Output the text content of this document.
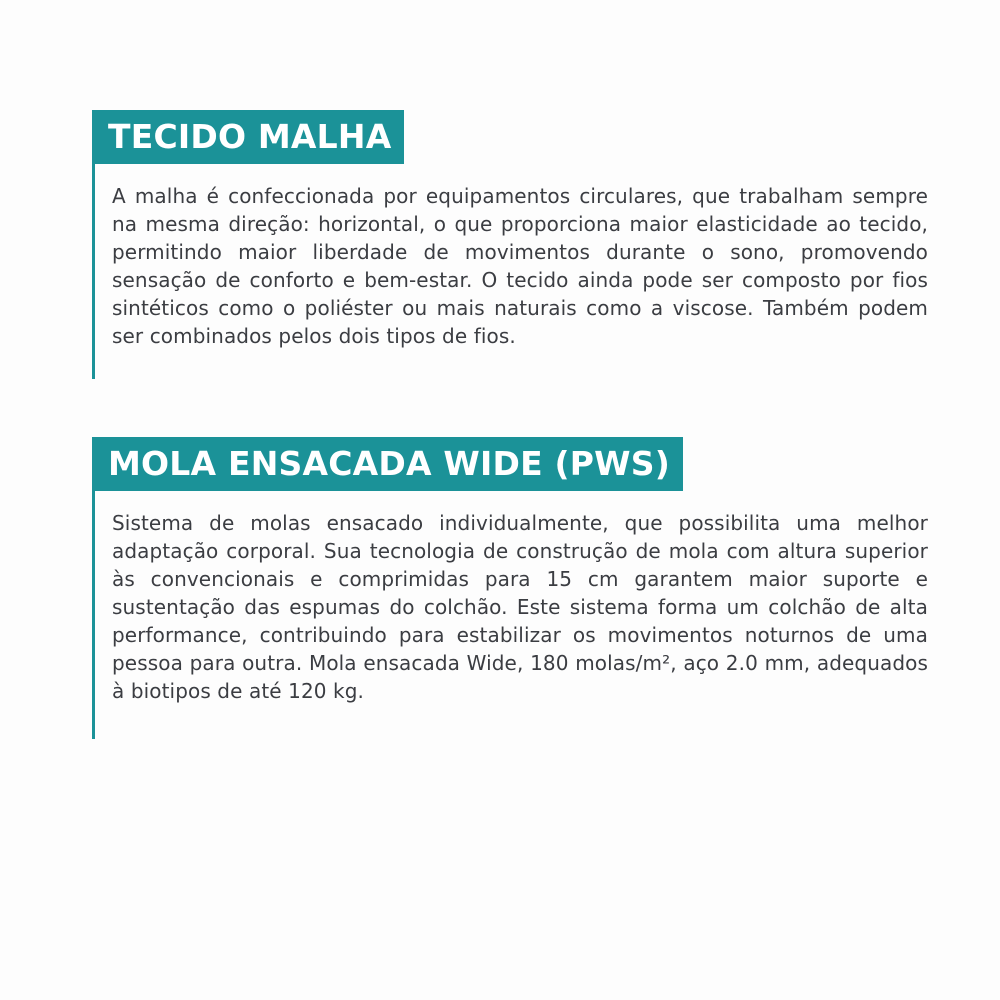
TECIDO MALHA

A malha é confeccionada por equipamentos circulares, que trabalham sempre na mesma direção: horizontal, o que proporciona maior elasticidade ao tecido, permitindo maior liberdade de movimentos durante o sono, promovendo sensação de conforto e bem-estar. O tecido ainda pode ser composto por fios sintéticos como o poliéster ou mais naturais como a viscose. Também podem ser combinados pelos dois tipos de fios.

MOLA ENSACADA WIDE (PWS)

Sistema de molas ensacado individualmente, que possibilita uma melhor adaptação corporal. Sua tecnologia de construção de mola com altura superior às convencionais e comprimidas para 15 cm garantem maior suporte e sustentação das espumas do colchão. Este sistema forma um colchão de alta performance, contribuindo para estabilizar os movimentos noturnos de uma pessoa para outra. Mola ensacada Wide, 180 molas/m², aço 2.0 mm, adequados à biotipos de até 120 kg.
